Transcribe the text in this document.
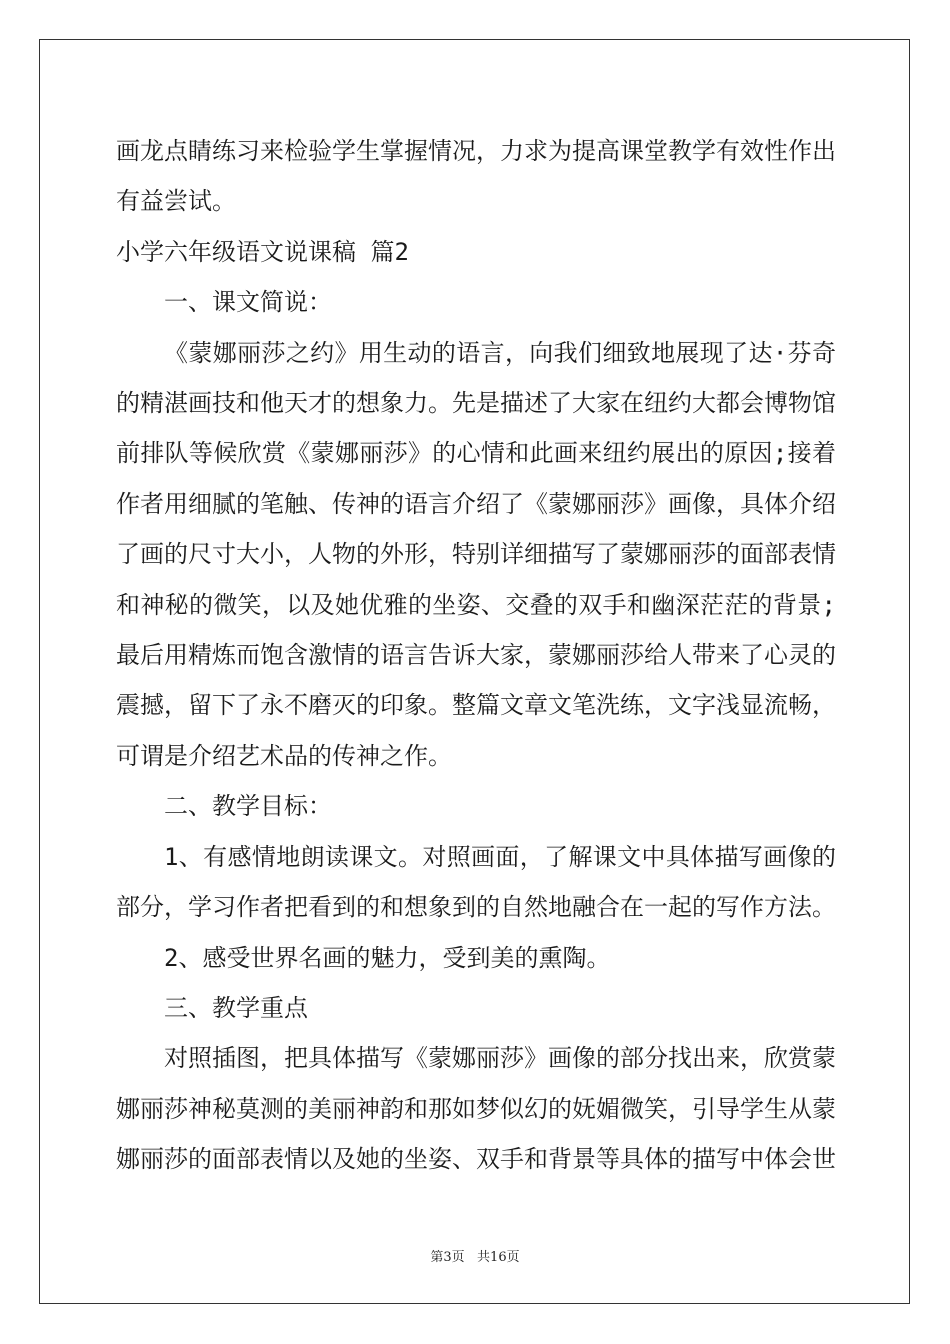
画龙点睛练习来检验学生掌握情况，力求为提高课堂教学有效性作出有益尝试。

小学六年级语文说课稿 篇2

一、课文简说：

《蒙娜丽莎之约》用生动的语言，向我们细致地展现了达·芬奇的精湛画技和他天才的想象力。先是描述了大家在纽约大都会博物馆前排队等候欣赏《蒙娜丽莎》的心情和此画来纽约展出的原因;接着作者用细腻的笔触、传神的语言介绍了《蒙娜丽莎》画像，具体介绍了画的尺寸大小，人物的外形，特别详细描写了蒙娜丽莎的面部表情和神秘的微笑，以及她优雅的坐姿、交叠的双手和幽深茫茫的背景;最后用精炼而饱含激情的语言告诉大家，蒙娜丽莎给人带来了心灵的震撼，留下了永不磨灭的印象。整篇文章文笔洗练，文字浅显流畅，可谓是介绍艺术品的传神之作。

二、教学目标：

1、有感情地朗读课文。对照画面，了解课文中具体描写画像的部分，学习作者把看到的和想象到的自然地融合在一起的写作方法。

2、感受世界名画的魅力，受到美的熏陶。

三、教学重点

对照插图，把具体描写《蒙娜丽莎》画像的部分找出来，欣赏蒙娜丽莎神秘莫测的美丽神韵和那如梦似幻的妩媚微笑，引导学生从蒙娜丽莎的面部表情以及她的坐姿、双手和背景等具体的描写中体会世

第3页   共16页
